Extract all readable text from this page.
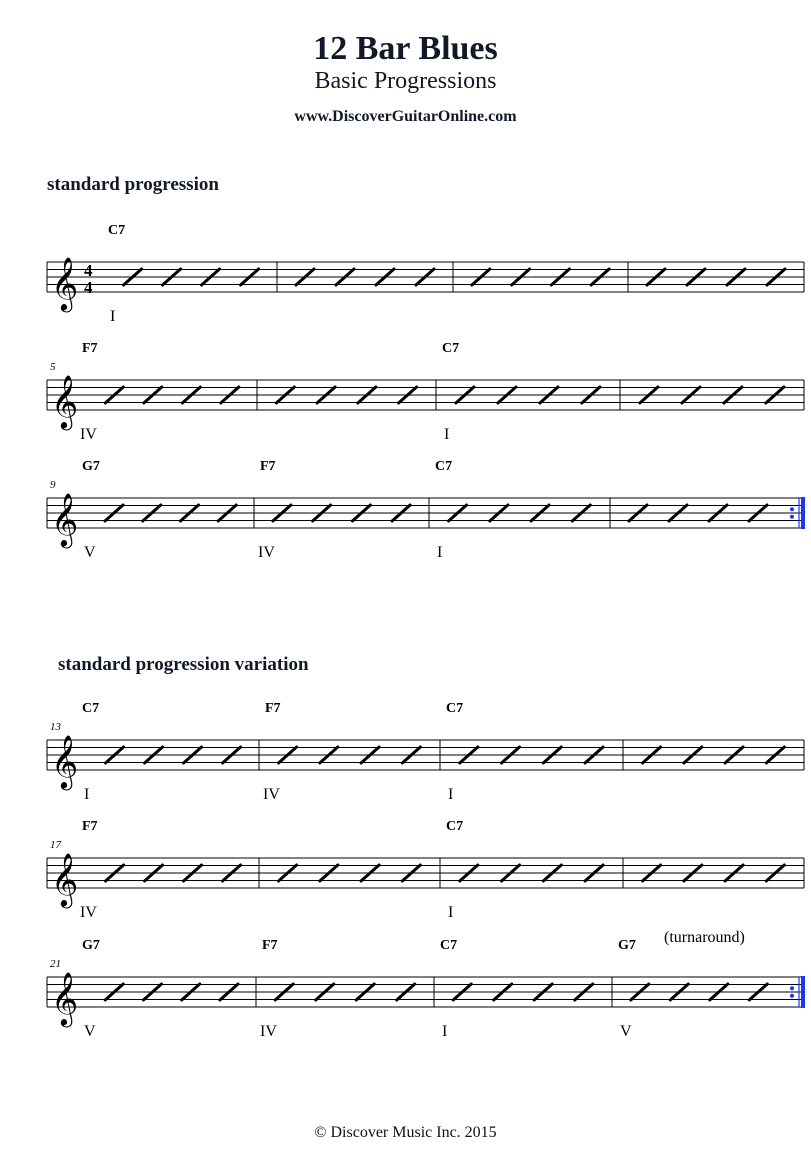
12 Bar Blues
Basic Progressions
www.DiscoverGuitarOnline.com
standard progression
standard progression variation
𝄞 4
4
C7
I
𝄞
5
F7
IV
C7
I
𝄞
9
G7
V
F7
IV
C7
I
𝄞
13
C7
I
F7
IV
C7
I
𝄞
17
F7
IV
C7
I
𝄞
21
G7
V
F7
IV
C7
I
G7
V
(turnaround)
© Discover Music Inc. 2015
